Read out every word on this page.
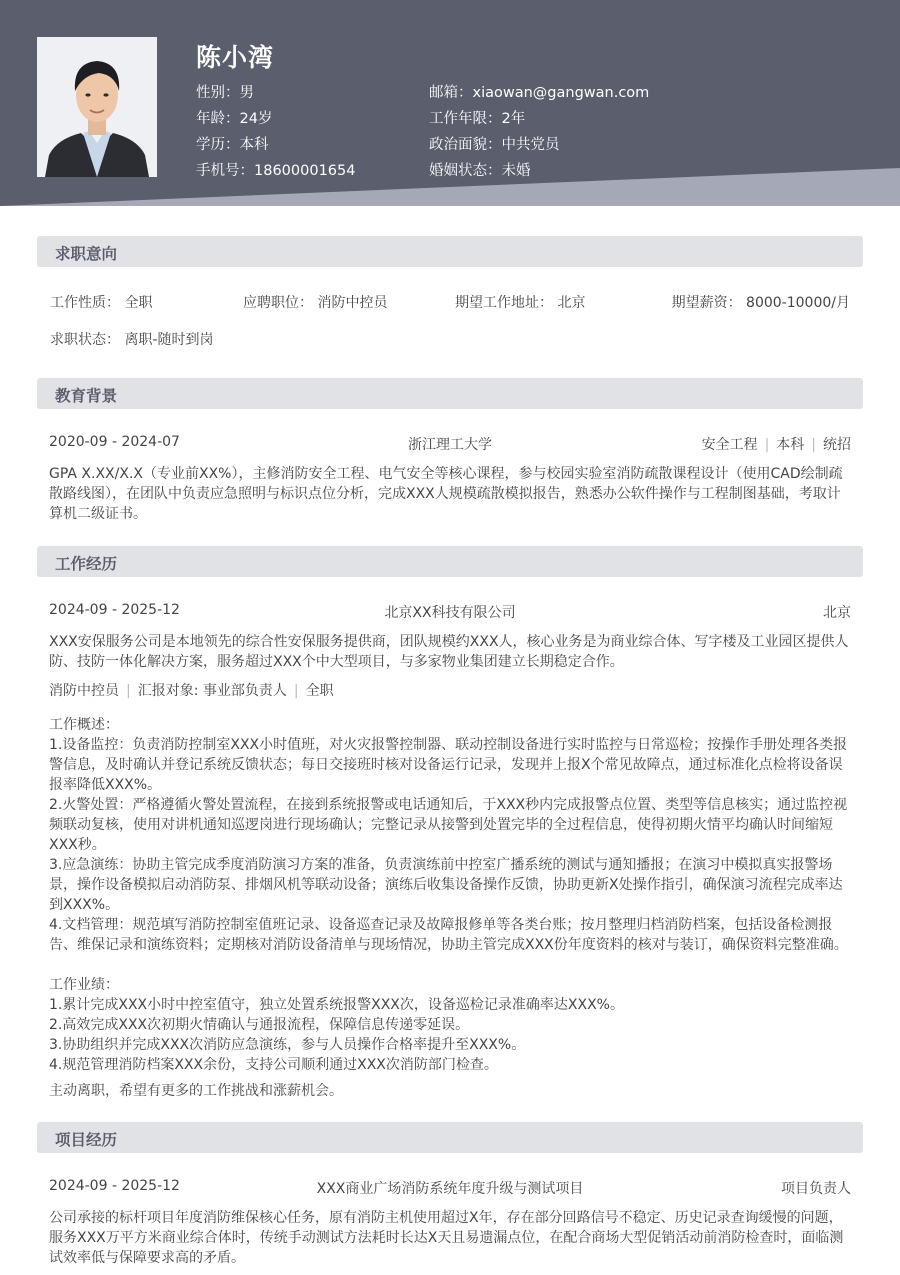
陈小湾
性别：男
年龄：24岁
学历：本科
手机号：18600001654
邮箱：xiaowan@gangwan.com
工作年限：2年
政治面貌：中共党员
婚姻状态：未婚
求职意向
工作性质： 全职	应聘职位： 消防中控员	期望工作地址： 北京	期望薪资： 8000-10000/月
求职状态： 离职-随时到岗
教育背景
2020-09 - 2024-07	浙江理工大学	安全工程 | 本科 | 统招
GPA X.XX/X.X（专业前XX%），主修消防安全工程、电气安全等核心课程，参与校园实验室消防疏散课程设计（使用CAD绘制疏散路线图），在团队中负责应急照明与标识点位分析，完成XXX人规模疏散模拟报告，熟悉办公软件操作与工程制图基础，考取计算机二级证书。
工作经历
2024-09 - 2025-12	北京XX科技有限公司	北京
XXX安保服务公司是本地领先的综合性安保服务提供商，团队规模约XXX人，核心业务是为商业综合体、写字楼及工业园区提供人防、技防一体化解决方案，服务超过XXX个中大型项目，与多家物业集团建立长期稳定合作。
消防中控员 | 汇报对象: 事业部负责人 | 全职
工作概述：
1.设备监控：负责消防控制室XXX小时值班，对火灾报警控制器、联动控制设备进行实时监控与日常巡检；按操作手册处理各类报警信息，及时确认并登记系统反馈状态；每日交接班时核对设备运行记录，发现并上报X个常见故障点，通过标准化点检将设备误报率降低XXX%。
2.火警处置：严格遵循火警处置流程，在接到系统报警或电话通知后，于XXX秒内完成报警点位置、类型等信息核实；通过监控视频联动复核，使用对讲机通知巡逻岗进行现场确认；完整记录从接警到处置完毕的全过程信息，使得初期火情平均确认时间缩短XXX秒。
3.应急演练：协助主管完成季度消防演习方案的准备，负责演练前中控室广播系统的测试与通知播报；在演习中模拟真实报警场景，操作设备模拟启动消防泵、排烟风机等联动设备；演练后收集设备操作反馈，协助更新X处操作指引，确保演习流程完成率达到XXX%。
4.文档管理：规范填写消防控制室值班记录、设备巡查记录及故障报修单等各类台账；按月整理归档消防档案，包括设备检测报告、维保记录和演练资料；定期核对消防设备清单与现场情况，协助主管完成XXX份年度资料的核对与装订，确保资料完整准确。
工作业绩：
1.累计完成XXX小时中控室值守，独立处置系统报警XXX次，设备巡检记录准确率达XXX%。
2.高效完成XXX次初期火情确认与通报流程，保障信息传递零延误。
3.协助组织并完成XXX次消防应急演练，参与人员操作合格率提升至XXX%。
4.规范管理消防档案XXX余份，支持公司顺利通过XXX次消防部门检查。
主动离职，希望有更多的工作挑战和涨薪机会。
项目经历
2024-09 - 2025-12	XXX商业广场消防系统年度升级与测试项目	项目负责人
公司承接的标杆项目年度消防维保核心任务，原有消防主机使用超过X年，存在部分回路信号不稳定、历史记录查询缓慢的问题，服务XXX万平方米商业综合体时，传统手动测试方法耗时长达X天且易遗漏点位，在配合商场大型促销活动前消防检查时，面临测试效率低与保障要求高的矛盾。
